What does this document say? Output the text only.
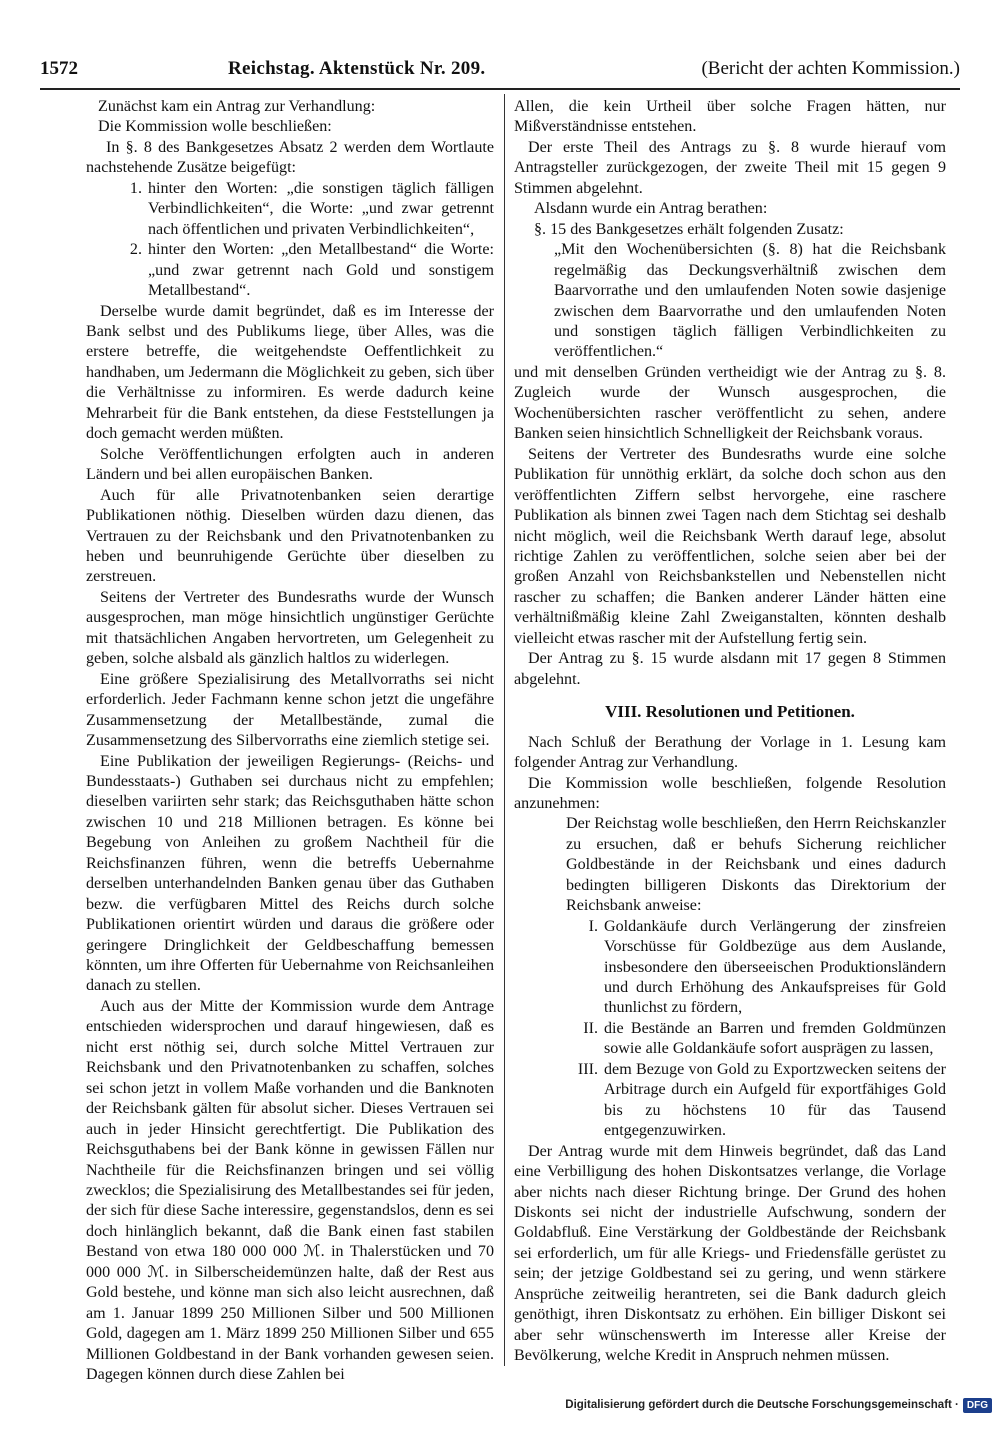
1572	Reichstag. Aktenstück Nr. 209.	(Bericht der achten Kommission.)

Zunächst kam ein Antrag zur Verhandlung:

Die Kommission wolle beschließen:

In §. 8 des Bankgesetzes Absatz 2 werden dem Wortlaute nachstehende Zusätze beigefügt:

1. hinter den Worten: „die sonstigen täglich fälligen Verbindlichkeiten“, die Worte: „und zwar getrennt nach öffentlichen und privaten Verbindlichkeiten“,
2. hinter den Worten: „den Metallbestand“ die Worte: „und zwar getrennt nach Gold und sonstigem Metallbestand“.

Derselbe wurde damit begründet, daß es im Interesse der Bank selbst und des Publikums liege, über Alles, was die erstere betreffe, die weitgehendste Oeffentlichkeit zu handhaben, um Jedermann die Möglichkeit zu geben, sich über die Verhältnisse zu informiren. Es werde dadurch keine Mehrarbeit für die Bank entstehen, da diese Feststellungen ja doch gemacht werden müßten.

Solche Veröffentlichungen erfolgten auch in anderen Ländern und bei allen europäischen Banken.

Auch für alle Privatnotenbanken seien derartige Publikationen nöthig. Dieselben würden dazu dienen, das Vertrauen zu der Reichsbank und den Privatnotenbanken zu heben und beunruhigende Gerüchte über dieselben zu zerstreuen.

Seitens der Vertreter des Bundesraths wurde der Wunsch ausgesprochen, man möge hinsichtlich ungünstiger Gerüchte mit thatsächlichen Angaben hervortreten, um Gelegenheit zu geben, solche alsbald als gänzlich haltlos zu widerlegen.

Eine größere Spezialisirung des Metallvorraths sei nicht erforderlich. Jeder Fachmann kenne schon jetzt die ungefähre Zusammensetzung der Metallbestände, zumal die Zusammensetzung des Silbervorraths eine ziemlich stetige sei.

Eine Publikation der jeweiligen Regierungs- (Reichs- und Bundesstaats-) Guthaben sei durchaus nicht zu empfehlen; dieselben variirten sehr stark; das Reichsguthaben hätte schon zwischen 10 und 218 Millionen betragen. Es könne bei Begebung von Anleihen zu großem Nachtheil für die Reichsfinanzen führen, wenn die betreffs Uebernahme derselben unterhandelnden Banken genau über das Guthaben bezw. die verfügbaren Mittel des Reichs durch solche Publikationen orientirt würden und daraus die größere oder geringere Dringlichkeit der Geldbeschaffung bemessen könnten, um ihre Offerten für Uebernahme von Reichsanleihen danach zu stellen.

Auch aus der Mitte der Kommission wurde dem Antrage entschieden widersprochen und darauf hingewiesen, daß es nicht erst nöthig sei, durch solche Mittel Vertrauen zur Reichsbank und den Privatnotenbanken zu schaffen, solches sei schon jetzt in vollem Maße vorhanden und die Banknoten der Reichsbank gälten für absolut sicher. Dieses Vertrauen sei auch in jeder Hinsicht gerechtfertigt. Die Publikation des Reichsguthabens bei der Bank könne in gewissen Fällen nur Nachtheile für die Reichsfinanzen bringen und sei völlig zwecklos; die Spezialisirung des Metallbestandes sei für jeden, der sich für diese Sache interessire, gegenstandslos, denn es sei doch hinlänglich bekannt, daß die Bank einen fast stabilen Bestand von etwa 180 000 000 ℳ. in Thalerstücken und 70 000 000 ℳ. in Silberscheidemünzen halte, daß der Rest aus Gold bestehe, und könne man sich also leicht ausrechnen, daß am 1. Januar 1899 250 Millionen Silber und 500 Millionen Gold, dagegen am 1. März 1899 250 Millionen Silber und 655 Millionen Goldbestand in der Bank vorhanden gewesen seien. Dagegen können durch diese Zahlen bei

Allen, die kein Urtheil über solche Fragen hätten, nur Mißverständnisse entstehen.

Der erste Theil des Antrags zu §. 8 wurde hierauf vom Antragsteller zurückgezogen, der zweite Theil mit 15 gegen 9 Stimmen abgelehnt.

Alsdann wurde ein Antrag berathen:

§. 15 des Bankgesetzes erhält folgenden Zusatz:

„Mit den Wochenübersichten (§. 8) hat die Reichsbank regelmäßig das Deckungsverhältniß zwischen dem Baarvorrathe und den umlaufenden Noten sowie dasjenige zwischen dem Baarvorrathe und den umlaufenden Noten und sonstigen täglich fälligen Verbindlichkeiten zu veröffentlichen.“

und mit denselben Gründen vertheidigt wie der Antrag zu §. 8. Zugleich wurde der Wunsch ausgesprochen, die Wochenübersichten rascher veröffentlicht zu sehen, andere Banken seien hinsichtlich Schnelligkeit der Reichsbank voraus.

Seitens der Vertreter des Bundesraths wurde eine solche Publikation für unnöthig erklärt, da solche doch schon aus den veröffentlichten Ziffern selbst hervorgehe, eine raschere Publikation als binnen zwei Tagen nach dem Stichtag sei deshalb nicht möglich, weil die Reichsbank Werth darauf lege, absolut richtige Zahlen zu veröffentlichen, solche seien aber bei der großen Anzahl von Reichsbankstellen und Nebenstellen nicht rascher zu schaffen; die Banken anderer Länder hätten eine verhältnißmäßig kleine Zahl Zweiganstalten, könnten deshalb vielleicht etwas rascher mit der Aufstellung fertig sein.

Der Antrag zu §. 15 wurde alsdann mit 17 gegen 8 Stimmen abgelehnt.

VIII. Resolutionen und Petitionen.

Nach Schluß der Berathung der Vorlage in 1. Lesung kam folgender Antrag zur Verhandlung.

Die Kommission wolle beschließen, folgende Resolution anzunehmen:

Der Reichstag wolle beschließen, den Herrn Reichskanzler zu ersuchen, daß er behufs Sicherung reichlicher Goldbestände in der Reichsbank und eines dadurch bedingten billigeren Diskonts das Direktorium der Reichsbank anweise:

I. Goldankäufe durch Verlängerung der zinsfreien Vorschüsse für Goldbezüge aus dem Auslande, insbesondere den überseeischen Produktionsländern und durch Erhöhung des Ankaufspreises für Gold thunlichst zu fördern,
II. die Bestände an Barren und fremden Goldmünzen sowie alle Goldankäufe sofort ausprägen zu lassen,
III. dem Bezuge von Gold zu Exportzwecken seitens der Arbitrage durch ein Aufgeld für exportfähiges Gold bis zu höchstens 10 für das Tausend entgegenzuwirken.

Der Antrag wurde mit dem Hinweis begründet, daß das Land eine Verbilligung des hohen Diskontsatzes verlange, die Vorlage aber nichts nach dieser Richtung bringe. Der Grund des hohen Diskonts sei nicht der industrielle Aufschwung, sondern der Goldabfluß. Eine Verstärkung der Goldbestände der Reichsbank sei erforderlich, um für alle Kriegs- und Friedensfälle gerüstet zu sein; der jetzige Goldbestand sei zu gering, und wenn stärkere Ansprüche zeitweilig herantreten, sei die Bank dadurch gleich genöthigt, ihren Diskontsatz zu erhöhen. Ein billiger Diskont sei aber sehr wünschenswerth im Interesse aller Kreise der Bevölkerung, welche Kredit in Anspruch nehmen müssen.

Digitalisierung gefördert durch die Deutsche Forschungsgemeinschaft · DFG
